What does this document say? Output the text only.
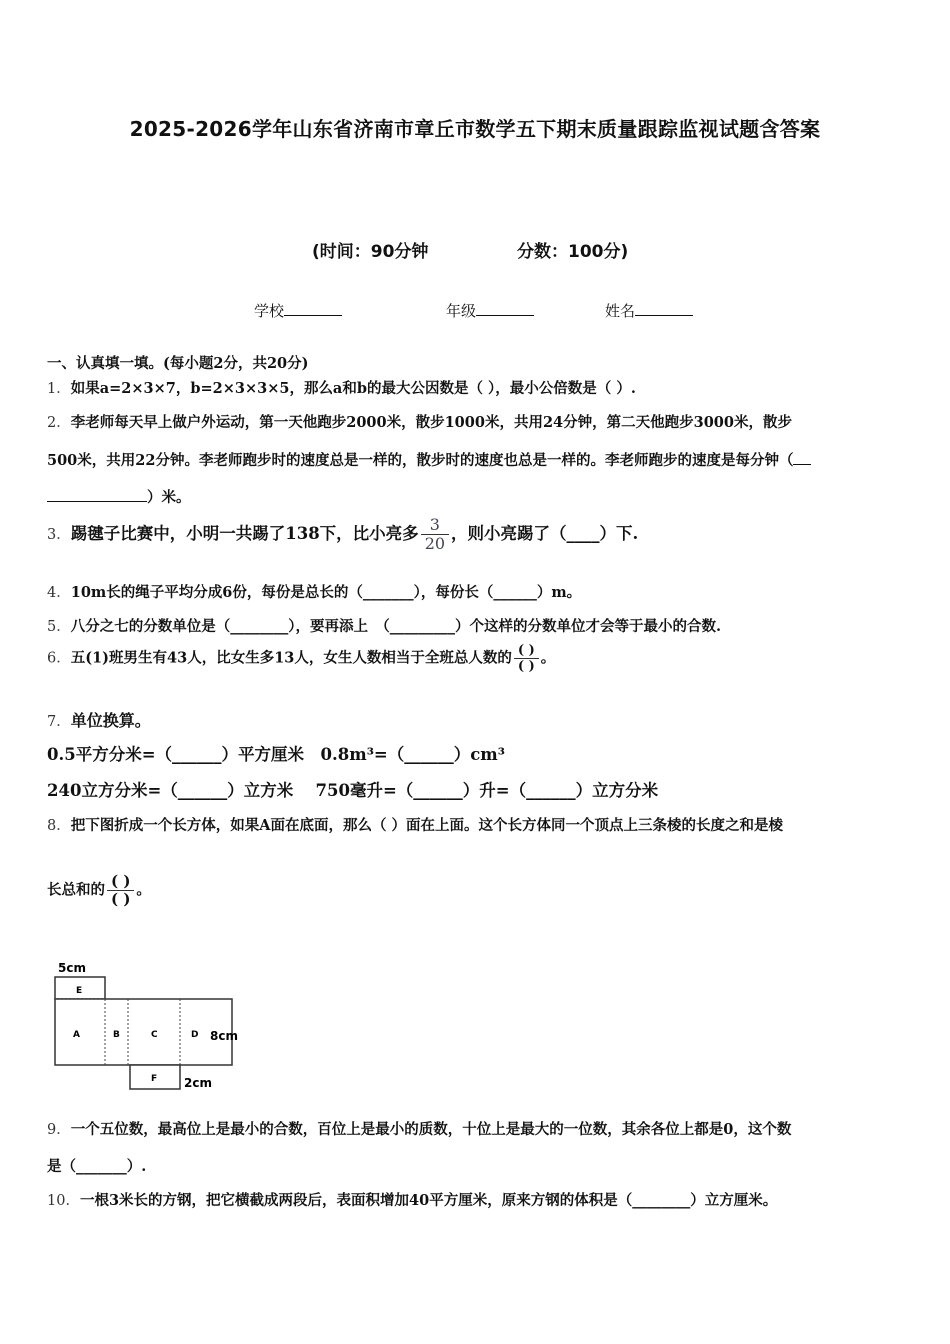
2025-2026学年山东省济南市章丘市数学五下期末质量跟踪监视试题含答案
(时间：90分钟	分数：100分)
学校	年级	姓名
一、认真填一填。(每小题2分，共20分)
1．如果a=2×3×7，b=2×3×3×5，那么a和b的最大公因数是（ ），最小公倍数是（ ）.
2．李老师每天早上做户外运动，第一天他跑步2000米，散步1000米，共用24分钟，第二天他跑步3000米，散步
500米，共用22分钟。李老师跑步时的速度总是一样的，散步时的速度也总是一样的。李老师跑步的速度是每分钟（
）米。
3．踢毽子比赛中，小明一共踢了138下，比小亮多 $\frac{3}{20}$ ，则小亮踢了（____）下.
4．10m长的绳子平均分成6份，每份是总长的（_______），每份长（______）m。
5．八分之七的分数单位是（________），要再添上　（_________）个这样的分数单位才会等于最小的合数.
6．五(1)班男生有43人，比女生多13人，女生人数相当于全班总人数的 $\frac{( )}{( )}$ 。
7．单位换算。
0.5平方分米=（______）平方厘米　0.8m³=（______）cm³
240立方分米=（______）立方米　 750毫升=（______）升=（______）立方分米
8．把下图折成一个长方体，如果A面在底面，那么（ ）面在上面。这个长方体同一个顶点上三条棱的长度之和是棱
长总和的 $\frac{( )}{( )}$ 。
5cm
E
A	B	C	D
F
8cm
2cm
9．一个五位数，最高位上是最小的合数，百位上是最小的质数，十位上是最大的一位数，其余各位上都是0，这个数
是（_______）.
10．一根3米长的方钢，把它横截成两段后，表面积增加40平方厘米，原来方钢的体积是（________）立方厘米。
